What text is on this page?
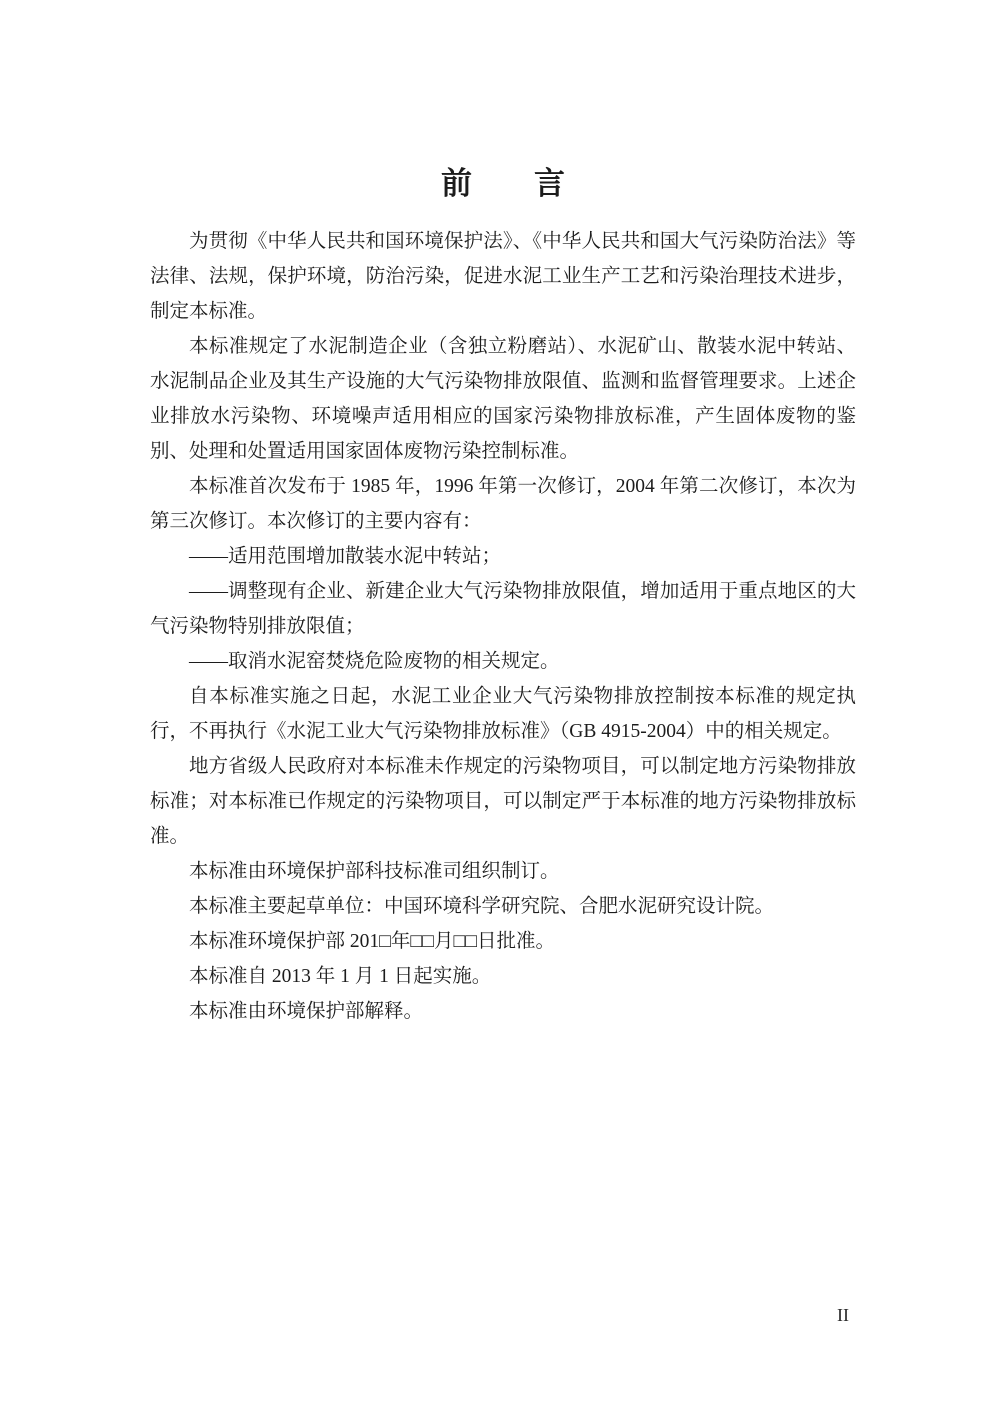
前　　言

为贯彻《中华人民共和国环境保护法》、《中华人民共和国大气污染防治法》等法律、法规，保护环境，防治污染，促进水泥工业生产工艺和污染治理技术进步，制定本标准。

本标准规定了水泥制造企业（含独立粉磨站）、水泥矿山、散装水泥中转站、水泥制品企业及其生产设施的大气污染物排放限值、监测和监督管理要求。上述企业排放水污染物、环境噪声适用相应的国家污染物排放标准，产生固体废物的鉴别、处理和处置适用国家固体废物污染控制标准。

本标准首次发布于 1985 年，1996 年第一次修订，2004 年第二次修订，本次为第三次修订。本次修订的主要内容有：

——适用范围增加散装水泥中转站；

——调整现有企业、新建企业大气污染物排放限值，增加适用于重点地区的大气污染物特别排放限值；

——取消水泥窑焚烧危险废物的相关规定。

自本标准实施之日起，水泥工业企业大气污染物排放控制按本标准的规定执行，不再执行《水泥工业大气污染物排放标准》（GB 4915-2004）中的相关规定。

地方省级人民政府对本标准未作规定的污染物项目，可以制定地方污染物排放标准；对本标准已作规定的污染物项目，可以制定严于本标准的地方污染物排放标准。

本标准由环境保护部科技标准司组织制订。

本标准主要起草单位：中国环境科学研究院、合肥水泥研究设计院。

本标准环境保护部 201□年□□月□□日批准。

本标准自 2013 年 1 月 1 日起实施。

本标准由环境保护部解释。

II
